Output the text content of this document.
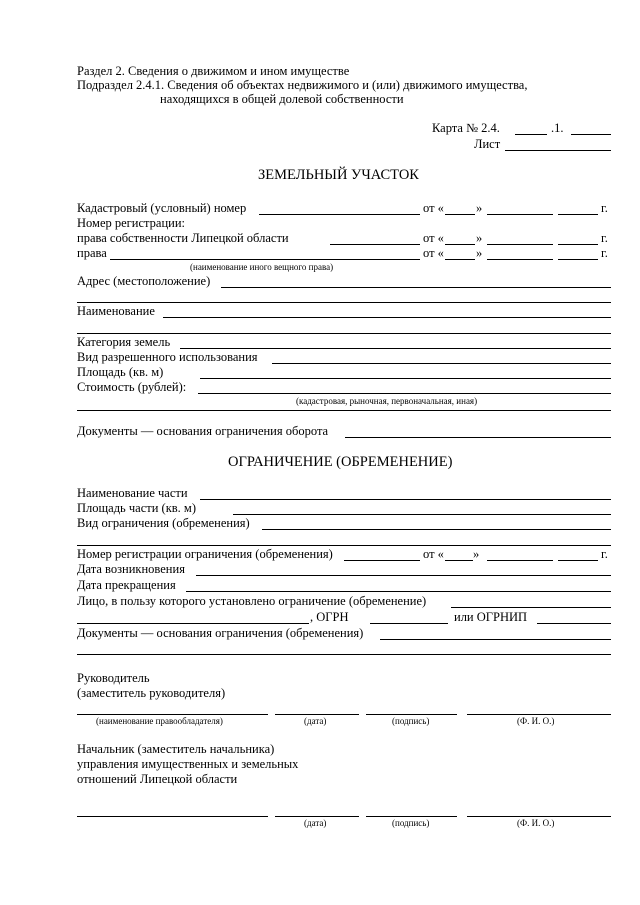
Раздел 2. Сведения о движимом и ином имуществе
Подраздел 2.4.1. Сведения об объектах недвижимого и (или) движимого имущества,
находящихся в общей долевой собственности
Карта № 2.4.	.1.
Лист
ЗЕМЕЛЬНЫЙ УЧАСТОК
Кадастровый (условный) номер	от «	»	г.
Номер регистрации:
права собственности Липецкой области	от «	»	г.
права	от «	»	г.
(наименование иного вещного права)
Адрес (местоположение)
Наименование
Категория земель
Вид разрешенного использования
Площадь (кв. м)
Стоимость (рублей):
(кадастровая, рыночная, первоначальная, иная)
Документы — основания ограничения оборота
ОГРАНИЧЕНИЕ (ОБРЕМЕНЕНИЕ)
Наименование части
Площадь части (кв. м)
Вид ограничения (обременения)
Номер регистрации ограничения (обременения)	от « »	г.
Дата возникновения
Дата прекращения
Лицо, в пользу которого установлено ограничение (обременение)
, ОГРН	или ОГРНИП
Документы — основания ограничения (обременения)
Руководитель
(заместитель руководителя)
(наименование правообладателя)	(дата)	(подпись)	(Ф. И. О.)
Начальник (заместитель начальника)
управления имущественных и земельных
отношений Липецкой области
(дата)	(подпись)	(Ф. И. О.)
